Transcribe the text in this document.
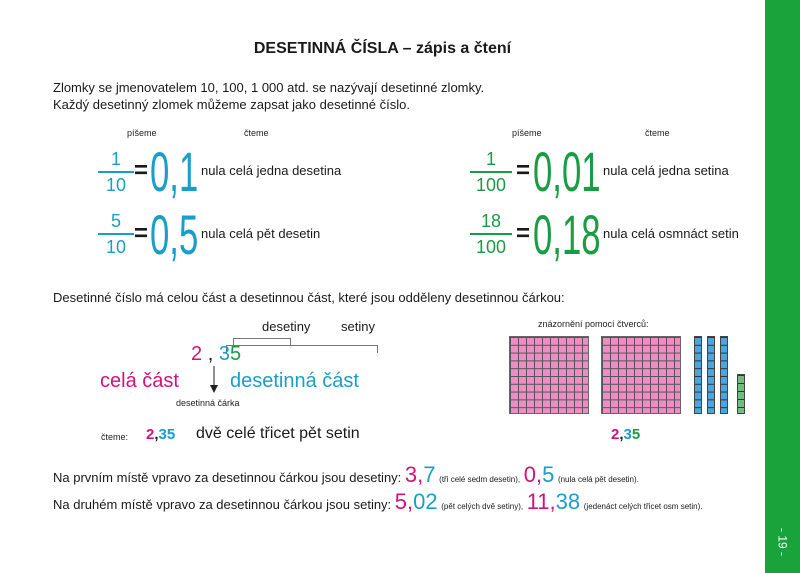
- 19 -
DESETINNÁ ČÍSLA – zápis a čtení
Zlomky se jmenovatelem 10, 100, 1 000 atd. se nazývají desetinné zlomky.
Každý desetinný zlomek můžeme zapsat jako desetinné číslo.
píšeme	čteme	píšeme	čteme
1
10
= 0,1 nula celá jedna desetina
5
10 = 0,5 nula celá pět desetin
1
100
= 0,01 nula celá jedna setina
18
100 = 0,18 nula celá osmnáct setin
Desetinné číslo má celou část a desetinnou část, které jsou odděleny desetinnou čárkou:
desetiny setiny
2 , 35
celá část	desetinná část
desetinná čárka
čteme: 2,35 dvě celé třicet pět setin
znázornění pomocí čtverců:
2,35
Na prvním místě vpravo za desetinnou čárkou jsou desetiny: 3,7 (tři celé sedm desetin), 0,5 (nula celá pět desetin).
Na druhém místě vpravo za desetinnou čárkou jsou setiny: 5,02 (pět celých dvě setiny), 11,38 (jedenáct celých třicet osm setin).
